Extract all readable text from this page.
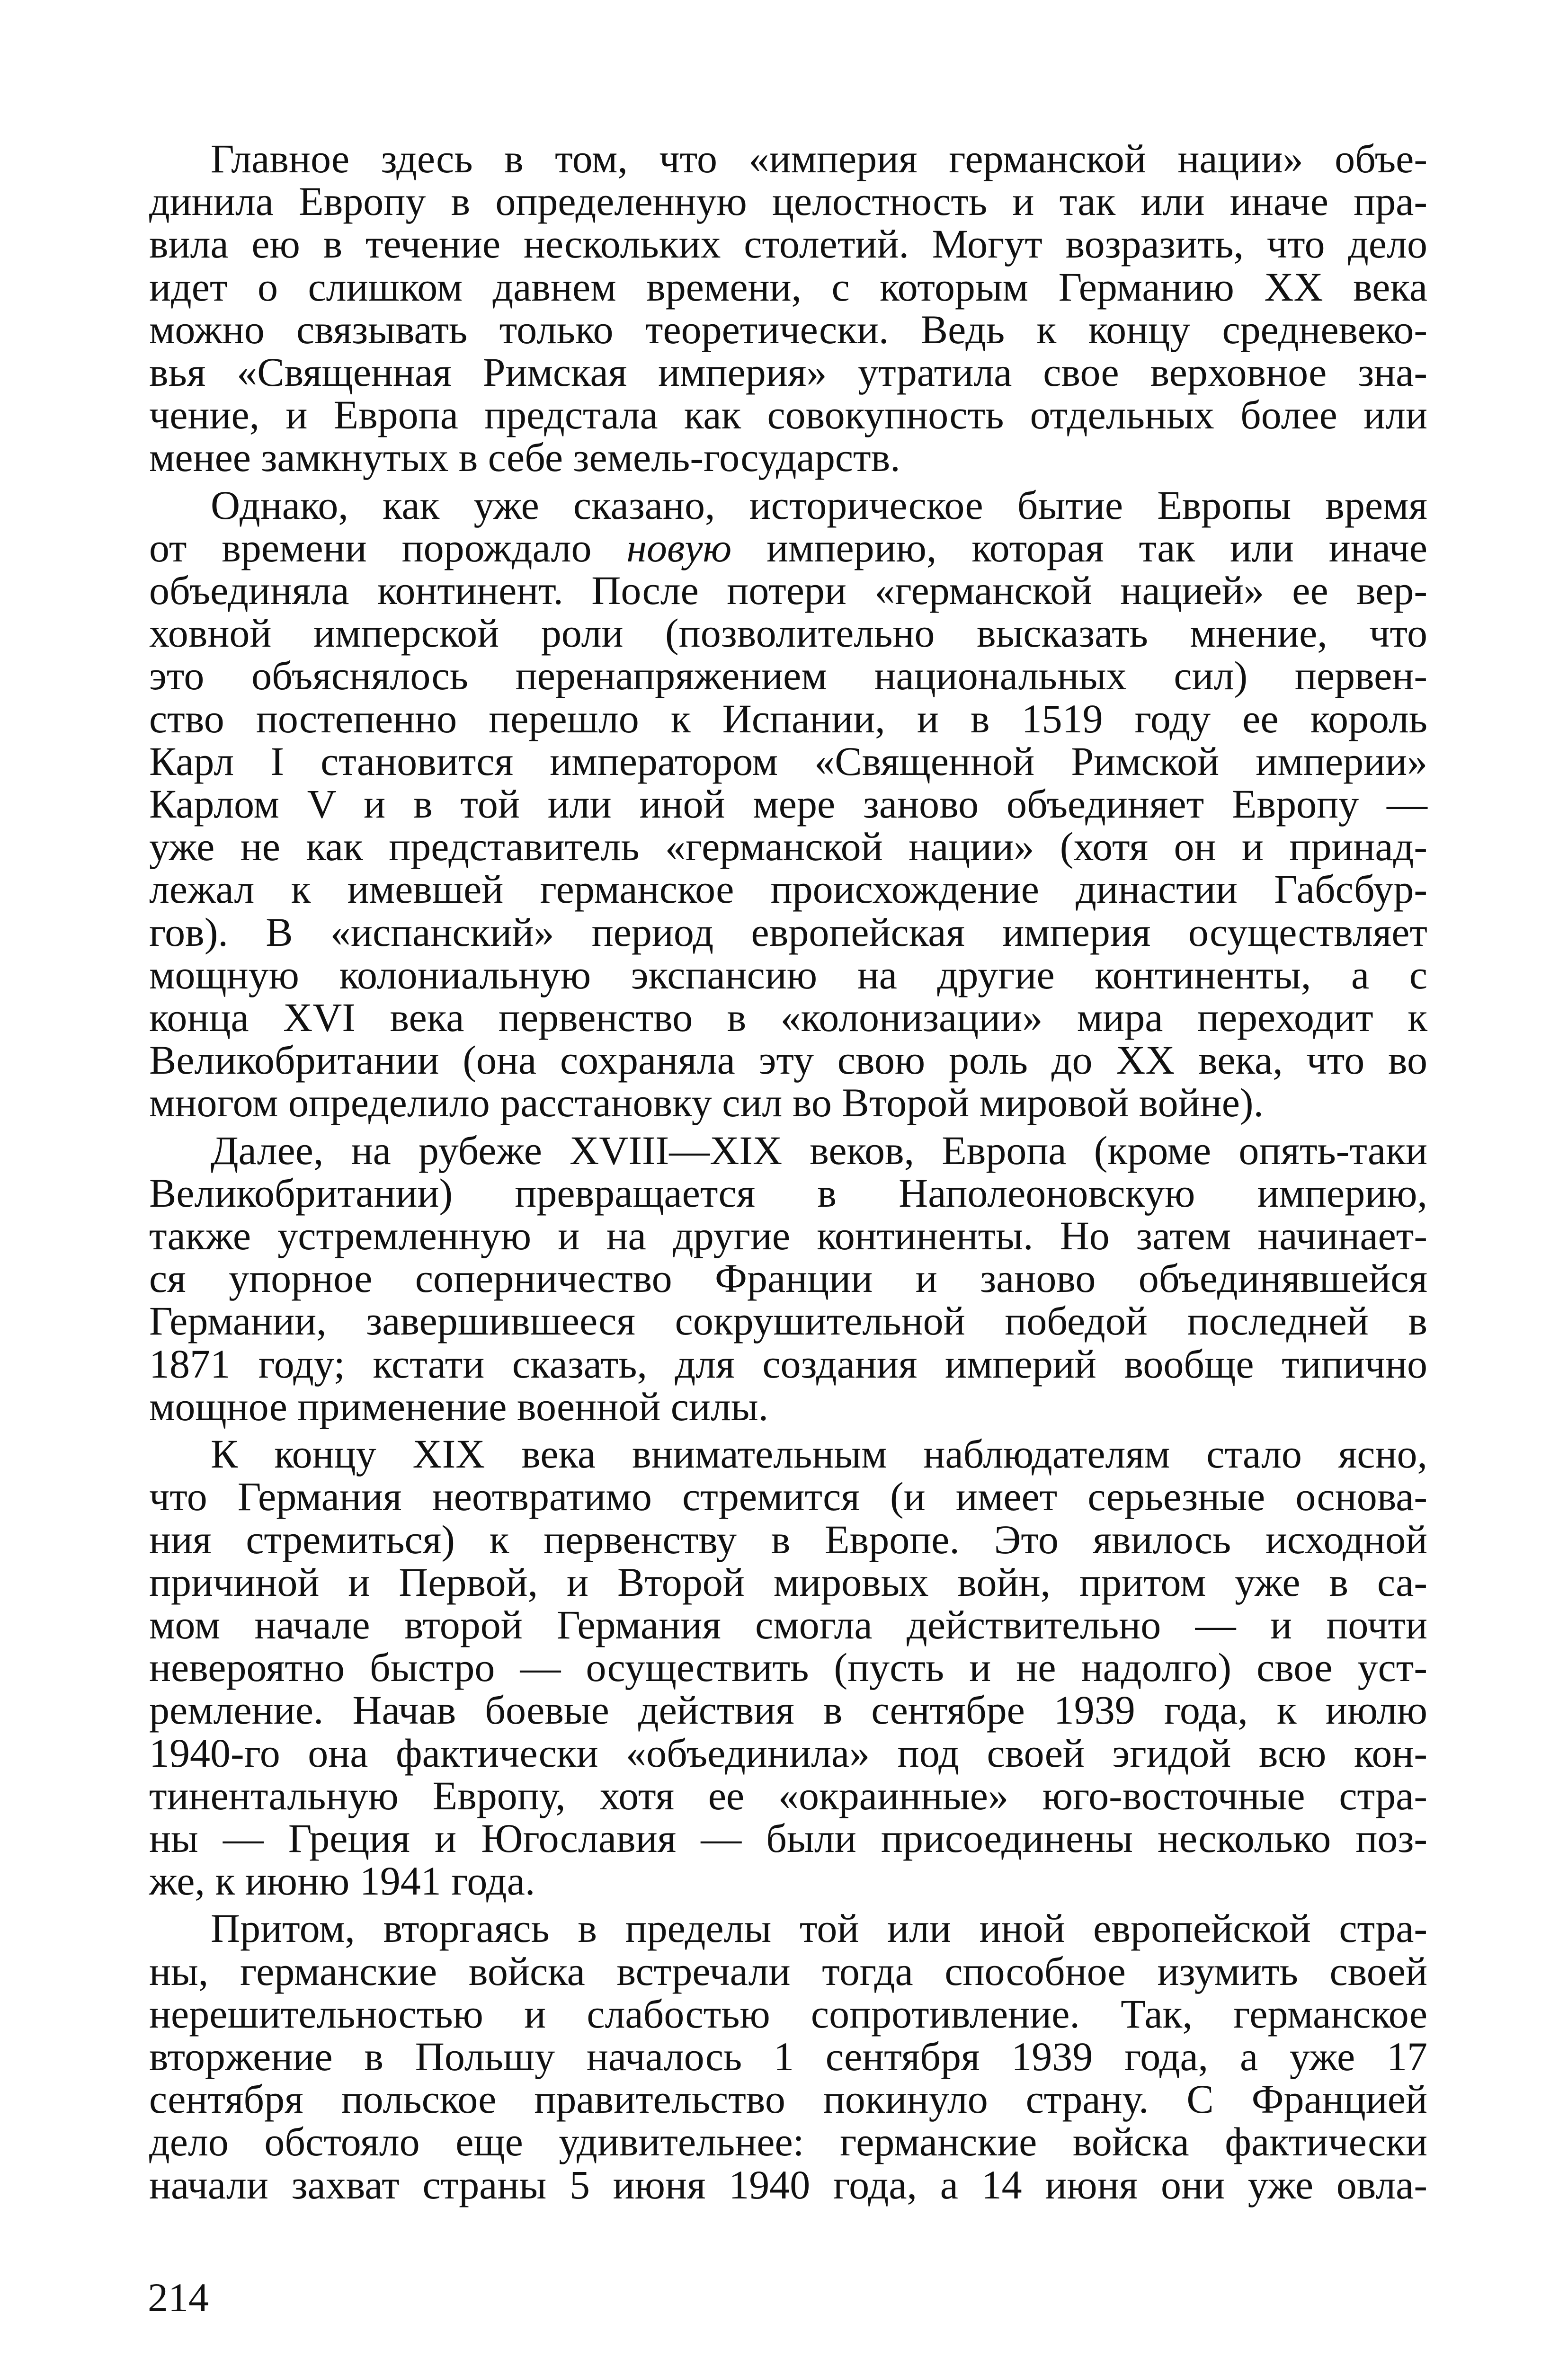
Главное здесь в том, что «империя германской нации» объе-
динила Европу в определенную целостность и так или иначе пра-
вила ею в течение нескольких столетий. Могут возразить, что дело
идет о слишком давнем времени, с которым Германию XX века
можно связывать только теоретически. Ведь к концу средневеко-
вья «Священная Римская империя» утратила свое верховное зна-
чение, и Европа предстала как совокупность отдельных более или
менее замкнутых в себе земель-государств.

Однако, как уже сказано, историческое бытие Европы время
от времени порождало новую империю, которая так или иначе
объединяла континент. После потери «германской нацией» ее вер-
ховной имперской роли (позволительно высказать мнение, что
это объяснялось перенапряжением национальных сил) первен-
ство постепенно перешло к Испании, и в 1519 году ее король
Карл I становится императором «Священной Римской империи»
Карлом V и в той или иной мере заново объединяет Европу —
уже не как представитель «германской нации» (хотя он и принад-
лежал к имевшей германское происхождение династии Габсбур-
гов). В «испанский» период европейская империя осуществляет
мощную колониальную экспансию на другие континенты, а с
конца XVI века первенство в «колонизации» мира переходит к
Великобритании (она сохраняла эту свою роль до XX века, что во
многом определило расстановку сил во Второй мировой войне).

Далее, на рубеже XVIII—XIX веков, Европа (кроме опять-таки
Великобритании) превращается в Наполеоновскую империю,
также устремленную и на другие континенты. Но затем начинает-
ся упорное соперничество Франции и заново объединявшейся
Германии, завершившееся сокрушительной победой последней в
1871 году; кстати сказать, для создания империй вообще типично
мощное применение военной силы.

К концу XIX века внимательным наблюдателям стало ясно,
что Германия неотвратимо стремится (и имеет серьезные основа-
ния стремиться) к первенству в Европе. Это явилось исходной
причиной и Первой, и Второй мировых войн, притом уже в са-
мом начале второй Германия смогла действительно — и почти
невероятно быстро — осуществить (пусть и не надолго) свое уст-
ремление. Начав боевые действия в сентябре 1939 года, к июлю
1940-го она фактически «объединила» под своей эгидой всю кон-
тинентальную Европу, хотя ее «окраинные» юго-восточные стра-
ны — Греция и Югославия — были присоединены несколько поз-
же, к июню 1941 года.

Притом, вторгаясь в пределы той или иной европейской стра-
ны, германские войска встречали тогда способное изумить своей
нерешительностью и слабостью сопротивление. Так, германское
вторжение в Польшу началось 1 сентября 1939 года, а уже 17
сентября польское правительство покинуло страну. С Францией
дело обстояло еще удивительнее: германские войска фактически
начали захват страны 5 июня 1940 года, а 14 июня они уже овла-

214
